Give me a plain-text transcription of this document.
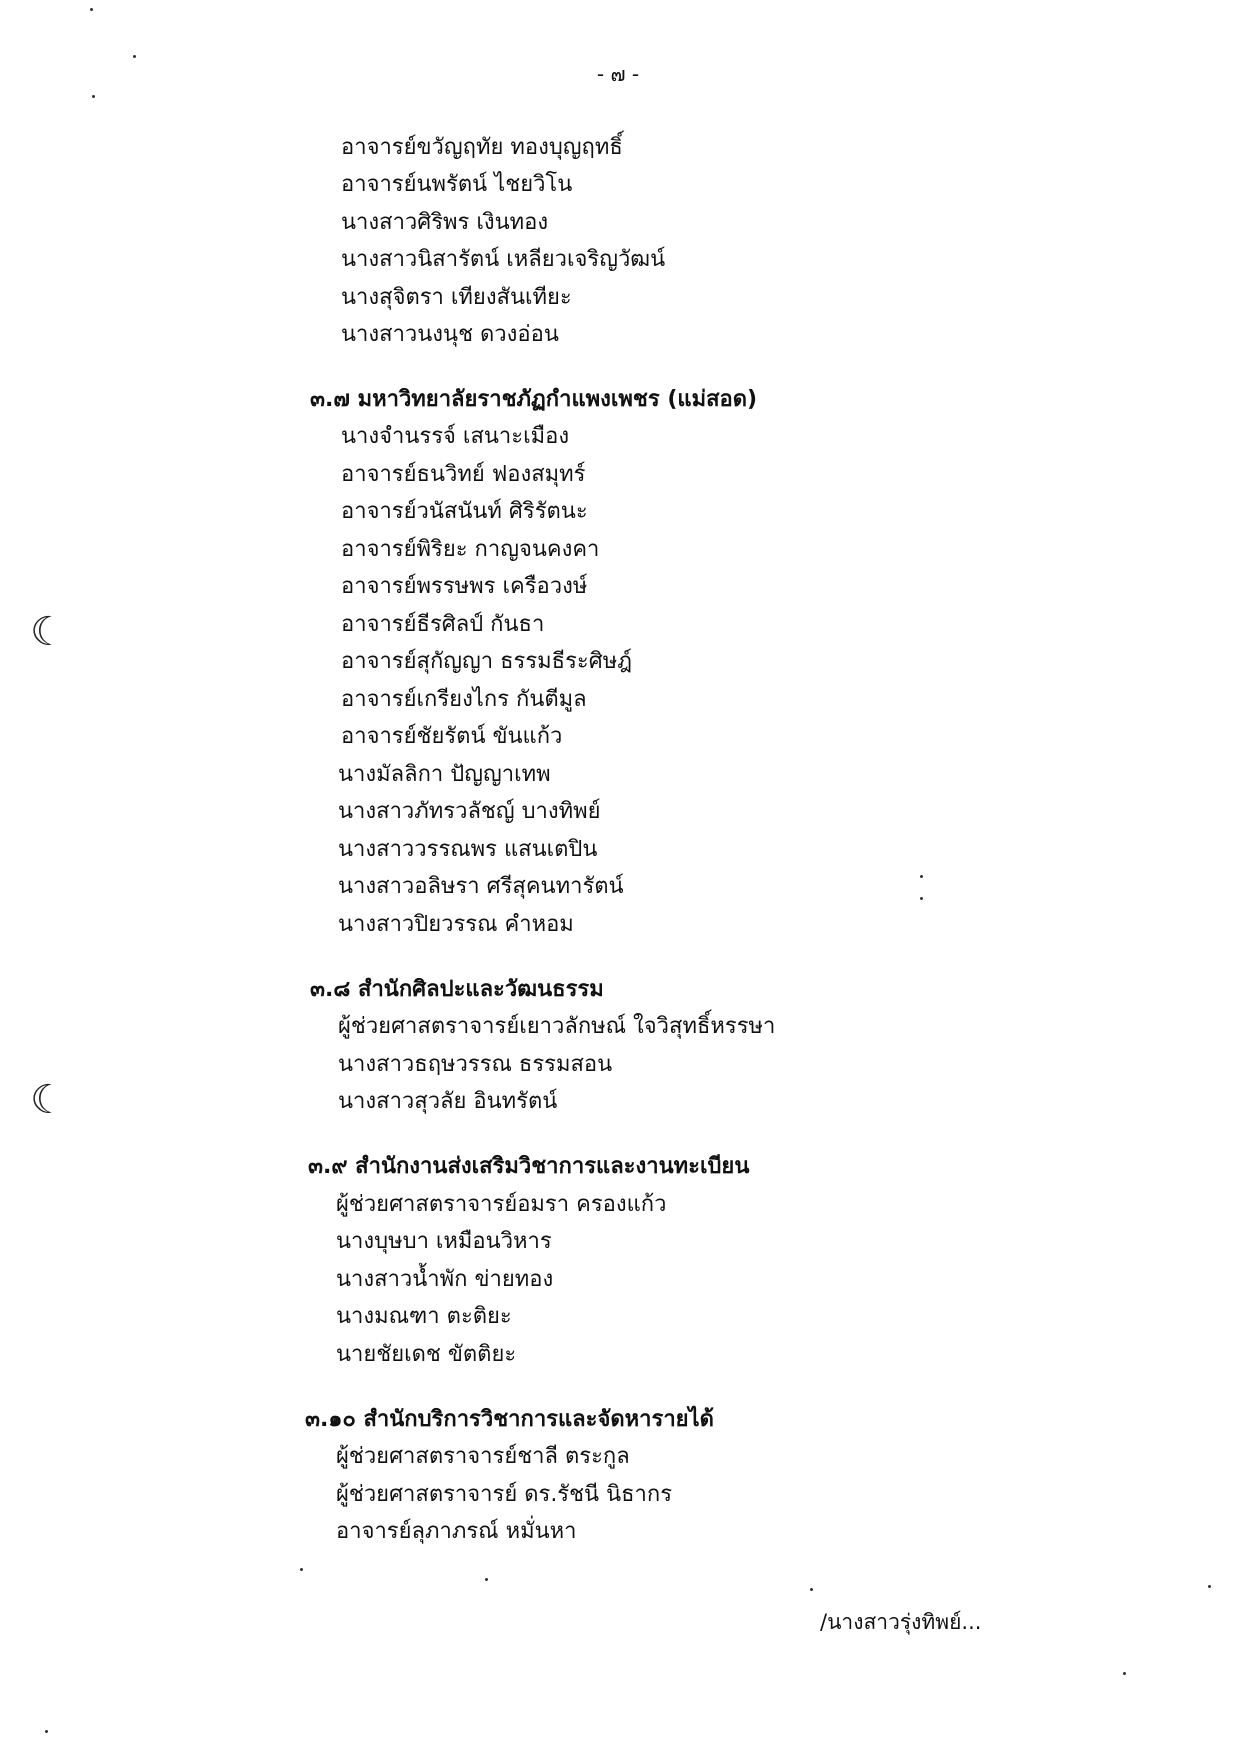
- ๗ -
อาจารย์ขวัญฤทัย ทองบุญฤทธิ์
อาจารย์นพรัตน์ ไชยวิโน
นางสาวศิริพร เงินทอง
นางสาวนิสารัตน์ เหลียวเจริญวัฒน์
นางสุจิตรา เทียงสันเทียะ
นางสาวนงนุช ดวงอ่อน
๓.๗ มหาวิทยาลัยราชภัฏกำแพงเพชร (แม่สอด)
นางจำนรรจ์ เสนาะเมือง
อาจารย์ธนวิทย์ ฟองสมุทร์
อาจารย์วนัสนันท์ ศิริรัตนะ
อาจารย์พิริยะ กาญจนคงคา
อาจารย์พรรษพร เครือวงษ์
อาจารย์ธีรศิลป์ กันธา
อาจารย์สุกัญญา ธรรมธีระศิษฎ์
อาจารย์เกรียงไกร กันตีมูล
อาจารย์ชัยรัตน์ ขันแก้ว
นางมัลลิกา ปัญญาเทพ
นางสาวภัทรวลัชญ์ บางทิพย์
นางสาววรรณพร แสนเตปิน
นางสาวอลิษรา ศรีสุคนทารัตน์
นางสาวปิยวรรณ คำหอม
๓.๘ สำนักศิลปะและวัฒนธรรม
ผู้ช่วยศาสตราจารย์เยาวลักษณ์ ใจวิสุทธิ์หรรษา
นางสาวธฤษวรรณ ธรรมสอน
นางสาวสุวลัย อินทรัตน์
๓.๙ สำนักงานส่งเสริมวิชาการและงานทะเบียน
ผู้ช่วยศาสตราจารย์อมรา ครองแก้ว
นางบุษบา เหมือนวิหาร
นางสาวน้ำพัก ข่ายทอง
นางมณฑา ตะติยะ
นายชัยเดช ขัตติยะ
๓.๑๐ สำนักบริการวิชาการและจัดหารายได้
ผู้ช่วยศาสตราจารย์ชาลี ตระกูล
ผู้ช่วยศาสตราจารย์ ดร.รัชนี นิธากร
อาจารย์ลุภาภรณ์ หมั่นหา
/นางสาวรุ่งทิพย์...
☾
☾
